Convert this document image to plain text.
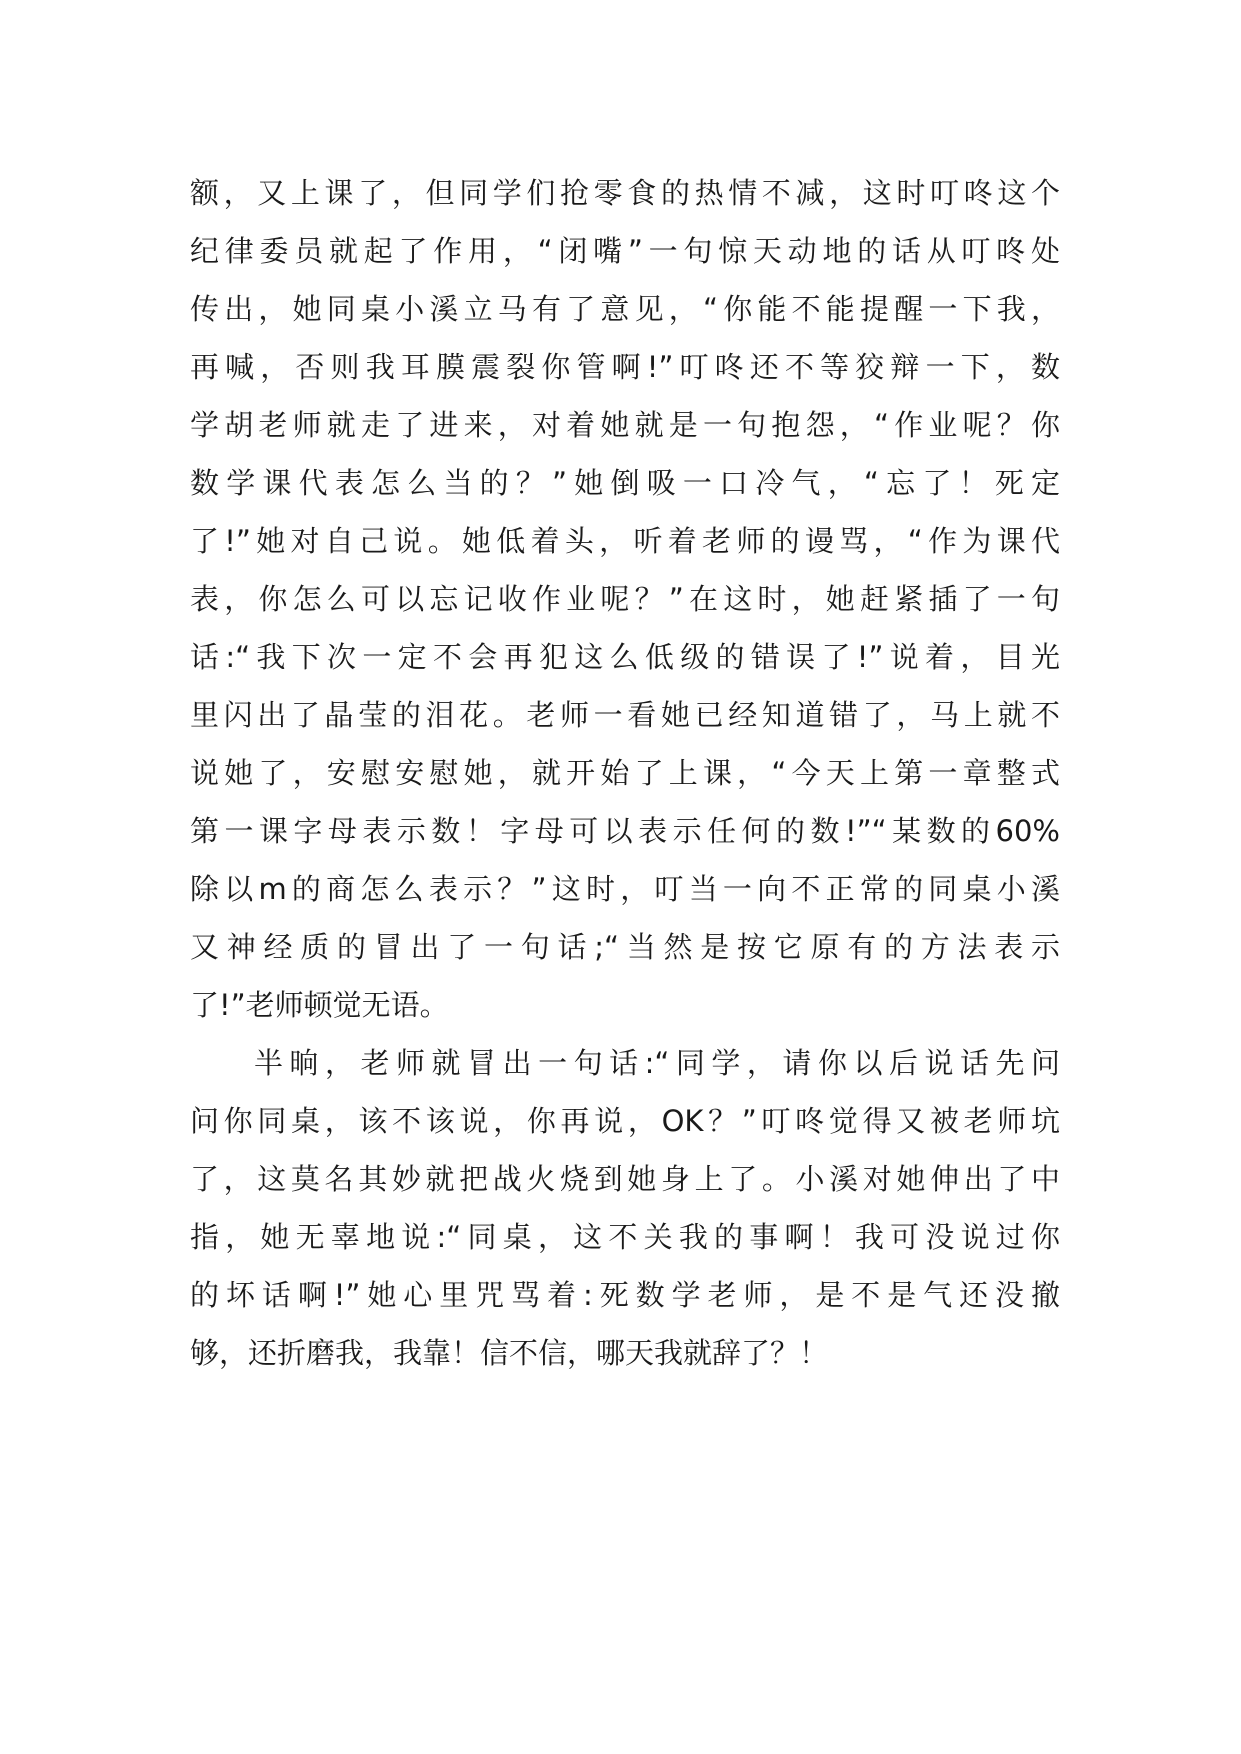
额，又上课了，但同学们抢零食的热情不减，这时叮咚这个
纪律委员就起了作用，“闭嘴”一句惊天动地的话从叮咚处
传出，她同桌小溪立马有了意见，“你能不能提醒一下我，
再喊，否则我耳膜震裂你管啊!”叮咚还不等狡辩一下，数
学胡老师就走了进来，对着她就是一句抱怨，“作业呢？你
数学课代表怎么当的？”她倒吸一口冷气，“忘了！死定
了!”她对自己说。她低着头，听着老师的谩骂，“作为课代
表，你怎么可以忘记收作业呢？”在这时，她赶紧插了一句
话:“我下次一定不会再犯这么低级的错误了!”说着，目光
里闪出了晶莹的泪花。老师一看她已经知道错了，马上就不
说她了，安慰安慰她，就开始了上课，“今天上第一章整式
第一课字母表示数！字母可以表示任何的数!”“某数的60%
除以m的商怎么表示？”这时，叮当一向不正常的同桌小溪
又神经质的冒出了一句话;“当然是按它原有的方法表示
了!”老师顿觉无语。
半晌，老师就冒出一句话:“同学，请你以后说话先问
问你同桌，该不该说，你再说，OK？”叮咚觉得又被老师坑
了，这莫名其妙就把战火烧到她身上了。小溪对她伸出了中
指，她无辜地说:“同桌，这不关我的事啊！我可没说过你
的坏话啊!”她心里咒骂着:死数学老师，是不是气还没撤
够，还折磨我，我靠！信不信，哪天我就辞了？！
